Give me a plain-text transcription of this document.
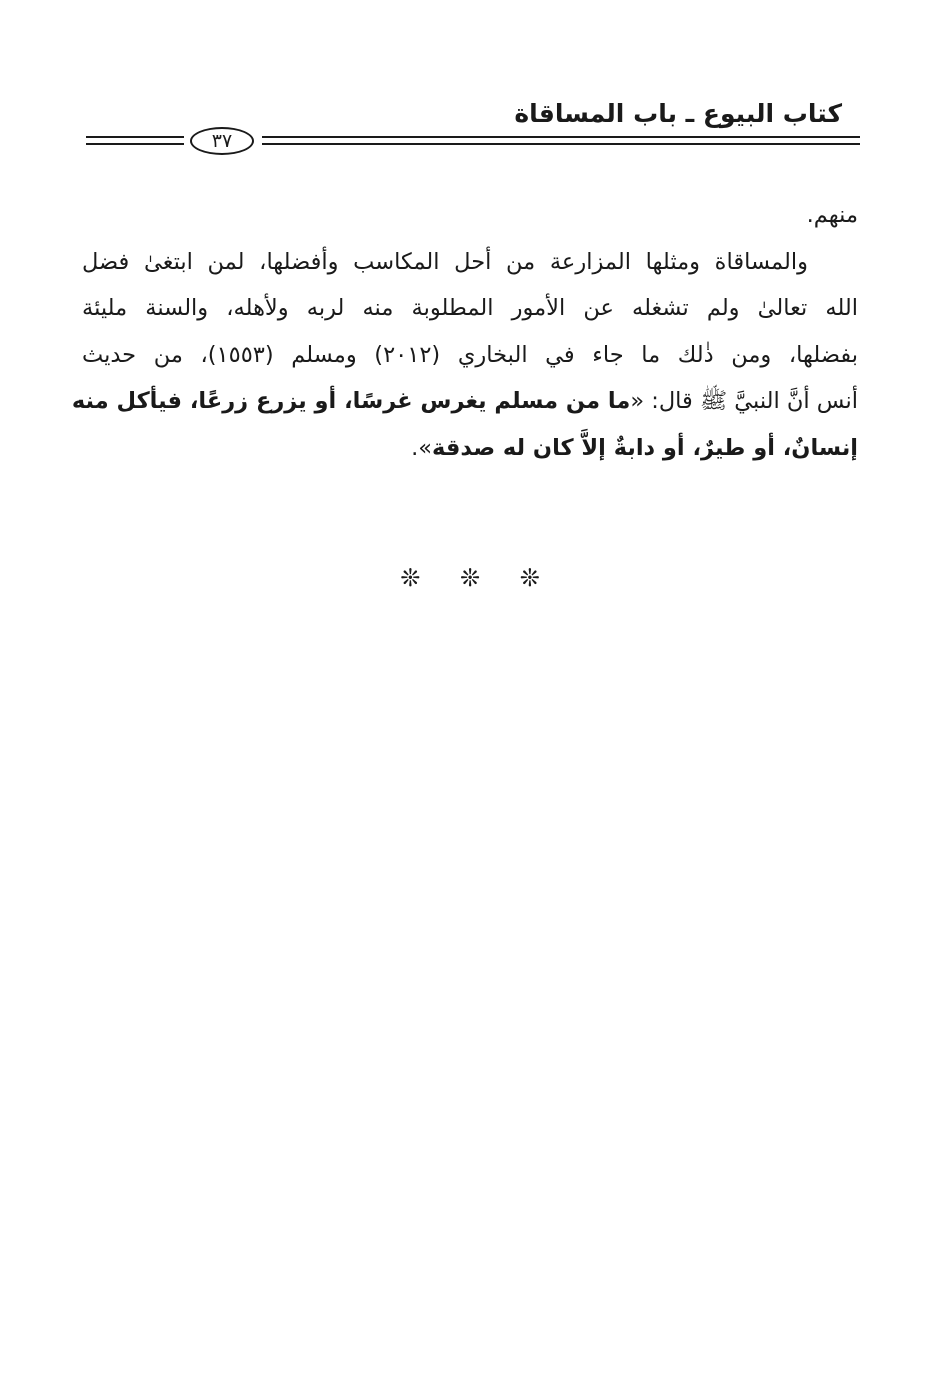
كتاب البيوع ـ باب المساقاة
٣٧
منهم.
والمساقاة ومثلها المزارعة من أحل المكاسب وأفضلها، لمن ابتغىٰ فضل
الله تعالىٰ ولم تشغله عن الأمور المطلوبة منه لربه ولأهله، والسنة مليئة
بفضلها، ومن ذٰلك ما جاء في البخاري (٢٠١٢) ومسلم (١٥٥٣)، من حديث
أنس أنَّ النبيَّ ﷺ قال: «ما من مسلم يغرس غرسًا، أو يزرع زرعًا، فيأكل منه
إنسانٌ، أو طيرٌ، أو دابةٌ إلاَّ كان له صدقة».
❊ ❊ ❊
